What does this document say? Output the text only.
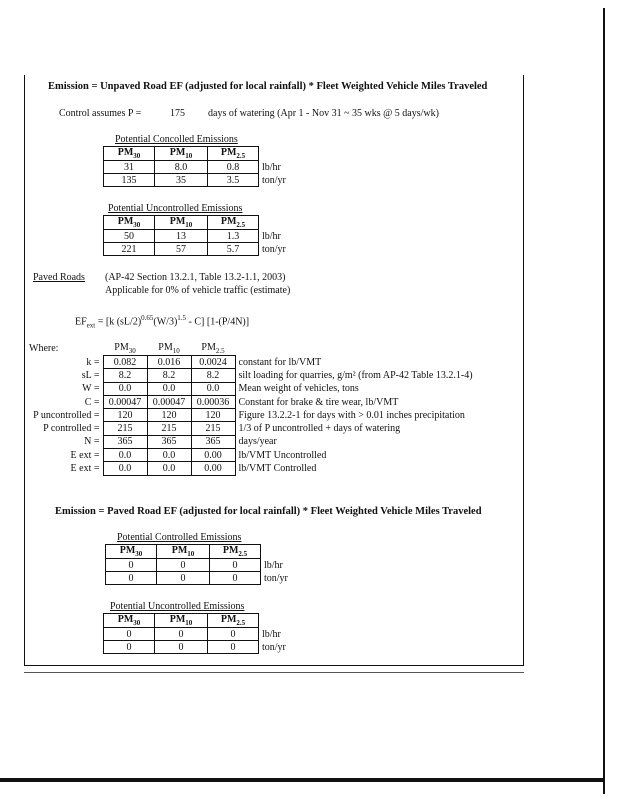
Emission = Unpaved Road EF (adjusted for local rainfall) * Fleet Weighted Vehicle Miles Traveled
Control assumes P =	175 days of watering (Apr 1 - Nov 31 ~ 35 wks @ 5 days/wk)
Potential Concolled Emissions
$PM_{30}$	$PM_{10}$	$PM_{2.5}$	
31	8.0	0.8	lb/hr
135	35	3.5	ton/yr
Potential Uncontrolled Emissions
$PM_{30}$	$PM_{10}$	$PM_{2.5}$	
50	13	1.3	lb/hr
221	57	5.7	ton/yr
Paved Roads (AP-42 Section 13.2.1, Table 13.2-1.1, 2003)
Applicable for 0% of vehicle traffic (estimate)
$EF_{ext} = [k$ $(sL/2)^{0.65}(W/3)^{1.5} - C$] [1-(P/4N)]
Where:
		$PM_{30}$	$PM_{10}$	$PM_{2.5}$	
k =	0.082	0.016	0.0024	constant for lb/VMT
sL =	8.2	8.2	8.2	silt loading for quarries, g/m² (from AP-42 Table 13.2.1-4)
W =	0.0	0.0	0.0	Mean weight of vehicles, tons
C =	0.00047	0.00047	0.00036	Constant for brake & tire wear, lb/VMT
P uncontrolled =	120	120	120	Figure 13.2.2-1 for days with > 0.01 inches precipitation
P controlled =	215	215	215	1/3 of P uncontrolled + days of watering
N =	365	365	365	days/year
E ext =	0.0	0.0	0.00	lb/VMT Uncontrolled
E ext =	0.0	0.0	0.00	lb/VMT Controlled
Emission = Paved Road EF (adjusted for local rainfall) * Fleet Weighted Vehicle Miles Traveled
Potential Controlled Emissions
$PM_{30}$	$PM_{10}$	$PM_{2.5}$	
0	0	0	lb/hr
0	0	0	ton/yr
Potential Uncontrolled Emissions
$PM_{30}$	$PM_{10}$	$PM_{2.5}$	
0	0	0	lb/hr
0	0	0	ton/yr
